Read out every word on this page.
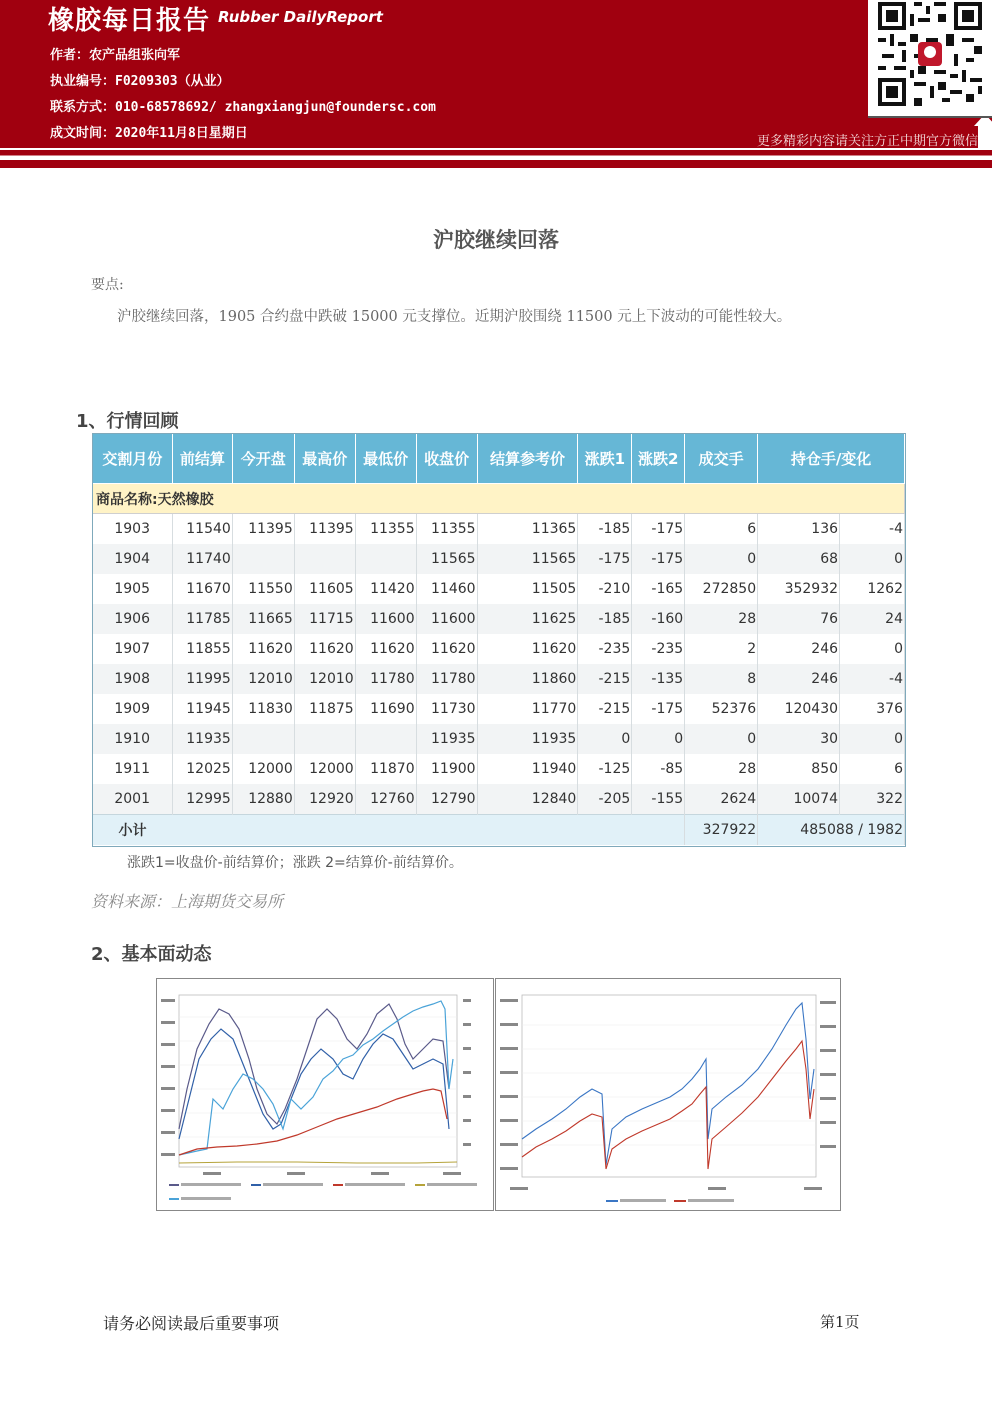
橡胶每日报告 Rubber DailyReport
作者：农产品组张向军
执业编号：F0209303（从业）
联系方式：010-68578692/ zhangxiangjun@foundersc.com
成文时间：2020年11月8日星期日
更多精彩内容请关注方正中期官方微信
沪胶继续回落
要点:
沪胶继续回落，1905 合约盘中跌破 15000 元支撑位。近期沪胶围绕 11500 元上下波动的可能性较大。
1、行情回顾
交割月份	前结算	今开盘	最高价	最低价	收盘价	结算参考价	涨跌1	涨跌2	成交手	持仓手/变化	
商品名称:天然橡胶											
1903	11540	11395	11395	11355	11355	11365	-185	-175	6	136	-4
1904	11740				11565	11565	-175	-175	0	68	0
1905	11670	11550	11605	11420	11460	11505	-210	-165	272850	352932	1262
1906	11785	11665	11715	11600	11600	11625	-185	-160	28	76	24
1907	11855	11620	11620	11620	11620	11620	-235	-235	2	246	0
1908	11995	12010	12010	11780	11780	11860	-215	-135	8	246	-4
1909	11945	11830	11875	11690	11730	11770	-215	-175	52376	120430	376
1910	11935				11935	11935	0	0	0	30	0
1911	12025	12000	12000	11870	11900	11940	-125	-85	28	850	6
2001	12995	12880	12920	12760	12790	12840	-205	-155	2624	10074	322
小计									327922	485088 / 1982	
涨跌1=收盘价-前结算价；涨跌 2=结算价-前结算价。
资料来源：上海期货交易所
2、基本面动态
请务必阅读最后重要事项	第1页
